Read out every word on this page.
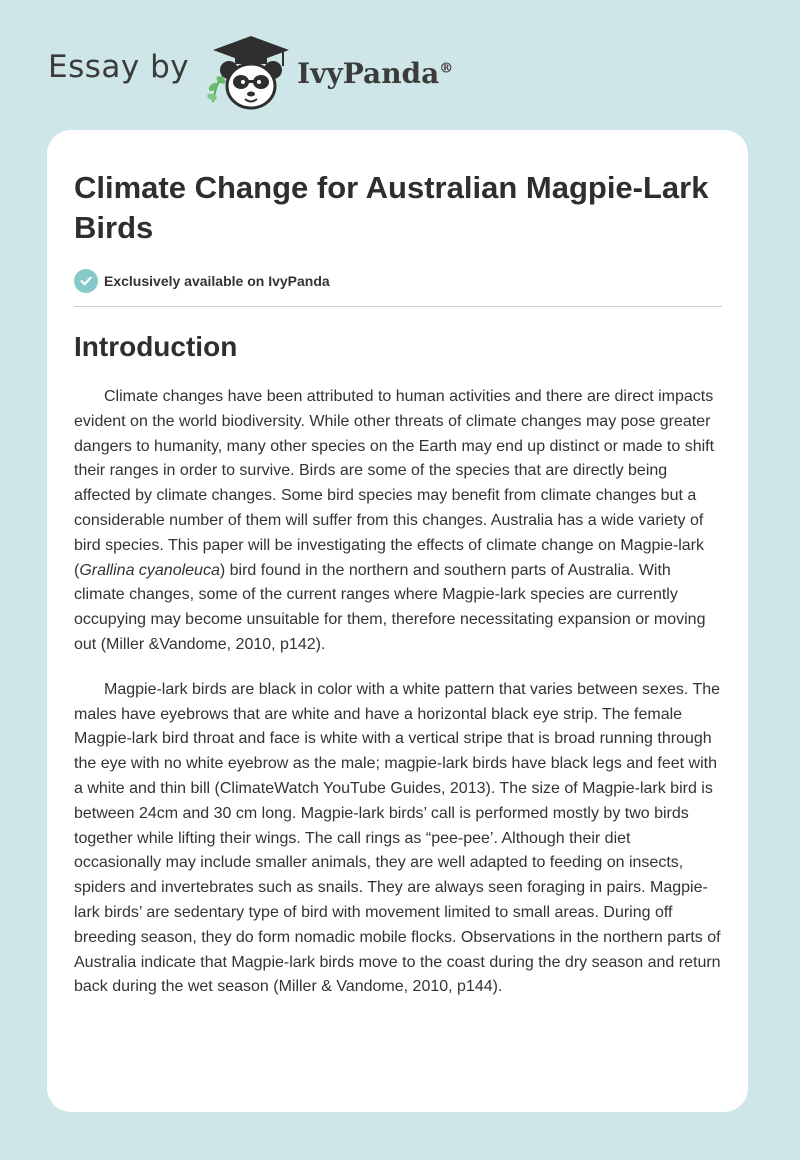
Essay by	IvyPanda®
Climate Change for Australian Magpie-Lark Birds
Exclusively available on IvyPanda
Introduction

Climate changes have been attributed to human activities and there are direct impacts evident on the world biodiversity. While other threats of climate changes may pose greater dangers to humanity, many other species on the Earth may end up distinct or made to shift their ranges in order to survive. Birds are some of the species that are directly being affected by climate changes. Some bird species may benefit from climate changes but a considerable number of them will suffer from this changes. Australia has a wide variety of bird species. This paper will be investigating the effects of climate change on Magpie-lark (Grallina cyanoleuca) bird found in the northern and southern parts of Australia. With climate changes, some of the current ranges where Magpie-lark species are currently occupying may become unsuitable for them, therefore necessitating expansion or moving out (Miller &Vandome, 2010, p142).

Magpie-lark birds are black in color with a white pattern that varies between sexes. The males have eyebrows that are white and have a horizontal black eye strip. The female Magpie-lark bird throat and face is white with a vertical stripe that is broad running through the eye with no white eyebrow as the male; magpie-lark birds have black legs and feet with a white and thin bill (ClimateWatch YouTube Guides, 2013). The size of Magpie-lark bird is between 24cm and 30 cm long. Magpie-lark birds’ call is performed mostly by two birds together while lifting their wings. The call rings as “pee-pee’. Although their diet occasionally may include smaller animals, they are well adapted to feeding on insects, spiders and invertebrates such as snails. They are always seen foraging in pairs. Magpie-lark birds’ are sedentary type of bird with movement limited to small areas. During off breeding season, they do form nomadic mobile flocks. Observations in the northern parts of Australia indicate that Magpie-lark birds move to the coast during the dry season and return back during the wet season (Miller & Vandome, 2010, p144).
